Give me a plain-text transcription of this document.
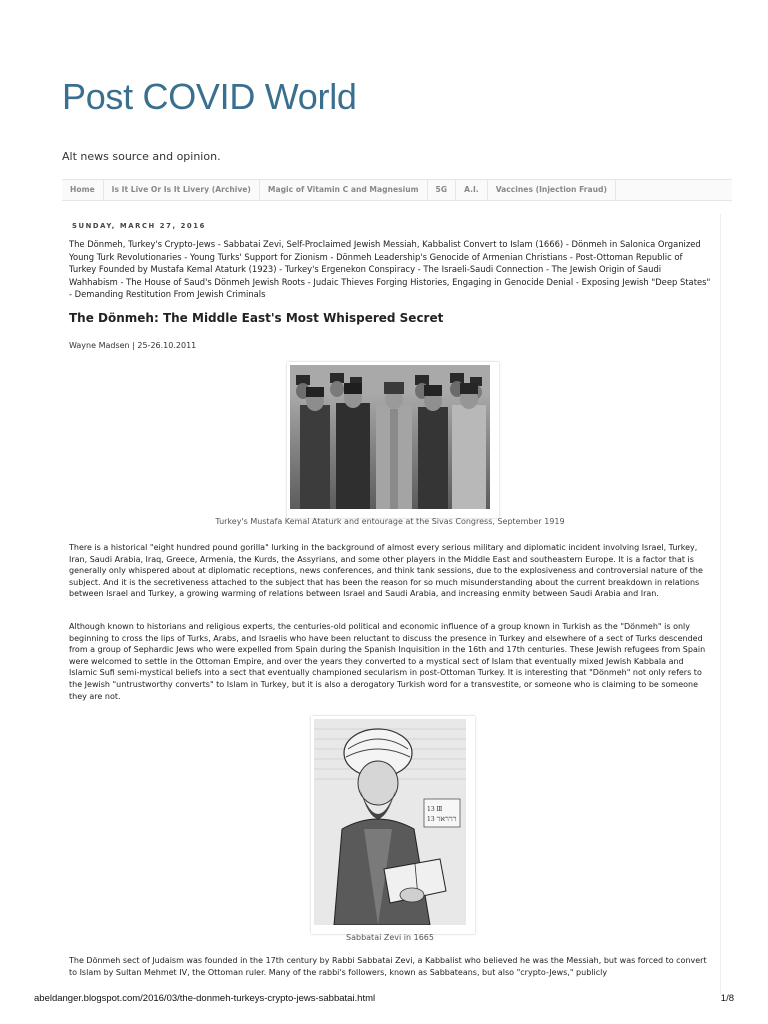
Post COVID World
Alt news source and opinion.
Home	Is It Live Or Is It Livery (Archive)	Magic of Vitamin C and Magnesium	5G	A.I.	Vaccines (Injection Fraud)
SUNDAY, MARCH 27, 2016

The Dönmeh, Turkey's Crypto-Jews - Sabbatai Zevi, Self-Proclaimed Jewish Messiah, Kabbalist Convert to Islam (1666) - Dönmeh in Salonica Organized Young Turk Revolutionaries - Young Turks' Support for Zionism - Dönmeh Leadership's Genocide of Armenian Christians - Post-Ottoman Republic of Turkey Founded by Mustafa Kemal Ataturk (1923) - Turkey's Ergenekon Conspiracy - The Israeli-Saudi Connection - The Jewish Origin of Saudi Wahhabism - The House of Saud's Dönmeh Jewish Roots - Judaic Thieves Forging Histories, Engaging in Genocide Denial - Exposing Jewish "Deep States" - Demanding Restitution From Jewish Criminals

The Dönmeh: The Middle East's Most Whispered Secret
Wayne Madsen | 25-26.10.2011
Turkey's Mustafa Kemal Ataturk and entourage at the Sivas Congress, September 1919

There is a historical "eight hundred pound gorilla" lurking in the background of almost every serious military and diplomatic incident involving Israel, Turkey, Iran, Saudi Arabia, Iraq, Greece, Armenia, the Kurds, the Assyrians, and some other players in the Middle East and southeastern Europe. It is a factor that is generally only whispered about at diplomatic receptions, news conferences, and think tank sessions, due to the explosiveness and controversial nature of the subject. And it is the secretiveness attached to the subject that has been the reason for so much misunderstanding about the current breakdown in relations between Israel and Turkey, a growing warming of relations between Israel and Saudi Arabia, and increasing enmity between Saudi Arabia and Iran.

Although known to historians and religious experts, the centuries-old political and economic influence of a group known in Turkish as the "Dönmeh" is only beginning to cross the lips of Turks, Arabs, and Israelis who have been reluctant to discuss the presence in Turkey and elsewhere of a sect of Turks descended from a group of Sephardic Jews who were expelled from Spain during the Spanish Inquisition in the 16th and 17th centuries. These Jewish refugees from Spain were welcomed to settle in the Ottoman Empire, and over the years they converted to a mystical sect of Islam that eventually mixed Jewish Kabbala and Islamic Sufi semi-mystical beliefs into a sect that eventually championed secularism in post-Ottoman Turkey. It is interesting that "Dönmeh" not only refers to the Jewish "untrustworthy converts" to Islam in Turkey, but it is also a derogatory Turkish word for a transvestite, or someone who is claiming to be someone they are not.

13 Ⅲ
13 ℸℵℸℸℸ
Sabbatai Zevi in 1665

The Dönmeh sect of Judaism was founded in the 17th century by Rabbi Sabbatai Zevi, a Kabbalist who believed he was the Messiah, but was forced to convert to Islam by Sultan Mehmet IV, the Ottoman ruler. Many of the rabbi's followers, known as Sabbateans, but also "crypto-Jews," publicly

abeldanger.blogspot.com/2016/03/the-donmeh-turkeys-crypto-jews-sabbatai.html	1/8
